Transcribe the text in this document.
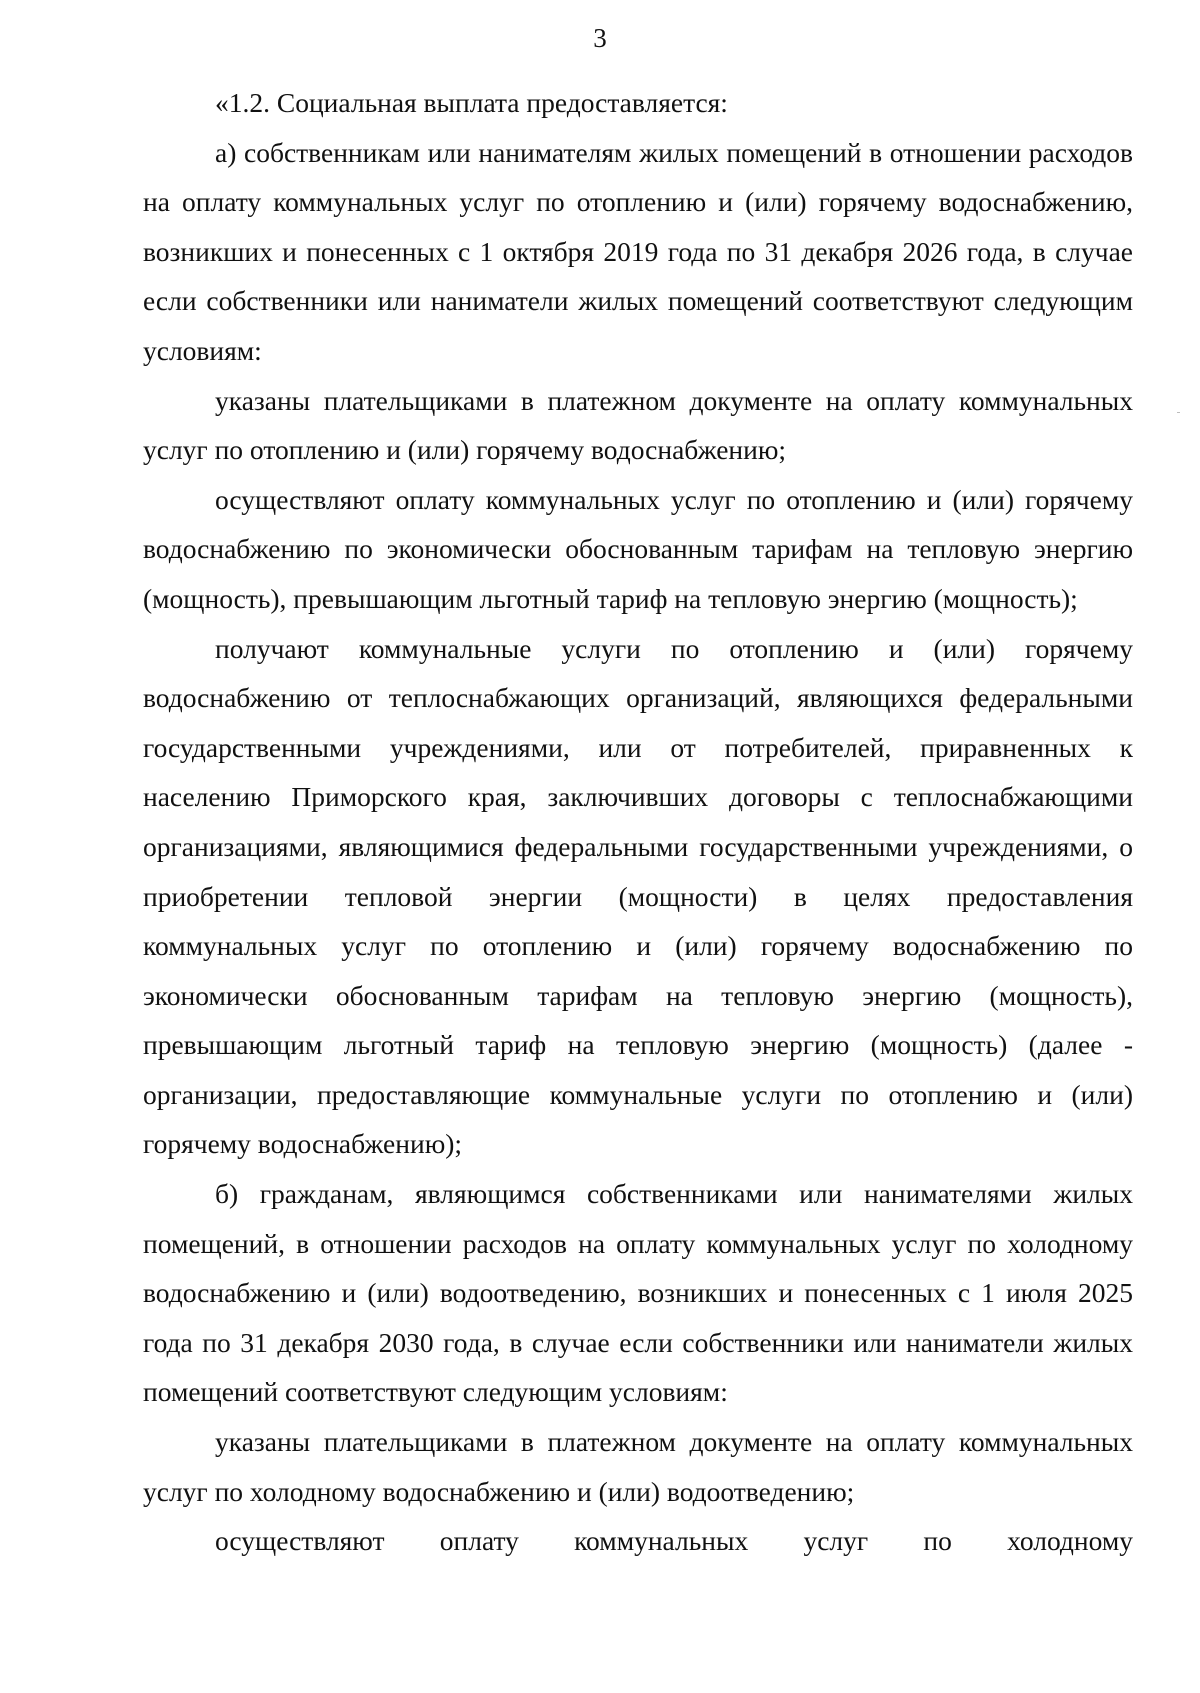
3

«1.2. Социальная выплата предоставляется:

а) собственникам или нанимателям жилых помещений в отношении расходов на оплату коммунальных услуг по отоплению и (или) горячему водоснабжению, возникших и понесенных с 1 октября 2019 года по 31 декабря 2026 года, в случае если собственники или наниматели жилых помещений соответствуют следующим условиям:

указаны плательщиками в платежном документе на оплату коммунальных услуг по отоплению и (или) горячему водоснабжению;

осуществляют оплату коммунальных услуг по отоплению и (или) горячему водоснабжению по экономически обоснованным тарифам на тепловую энергию (мощность), превышающим льготный тариф на тепловую энергию (мощность);

получают коммунальные услуги по отоплению и (или) горячему водоснабжению от теплоснабжающих организаций, являющихся федеральными государственными учреждениями, или от потребителей, приравненных к населению Приморского края, заключивших договоры с теплоснабжающими организациями, являющимися федеральными государственными учреждениями, о приобретении тепловой энергии (мощности) в целях предоставления коммунальных услуг по отоплению и (или) горячему водоснабжению по экономически обоснованным тарифам на тепловую энергию (мощность), превышающим льготный тариф на тепловую энергию (мощность) (далее - организации, предоставляющие коммунальные услуги по отоплению и (или) горячему водоснабжению);

б) гражданам, являющимся собственниками или нанимателями жилых помещений, в отношении расходов на оплату коммунальных услуг по холодному водоснабжению и (или) водоотведению, возникших и понесенных с 1 июля 2025 года по 31 декабря 2030 года, в случае если собственники или наниматели жилых помещений соответствуют следующим условиям:

указаны плательщиками в платежном документе на оплату коммунальных услуг по холодному водоснабжению и (или) водоотведению;

осуществляют оплату коммунальных услуг по холодному
